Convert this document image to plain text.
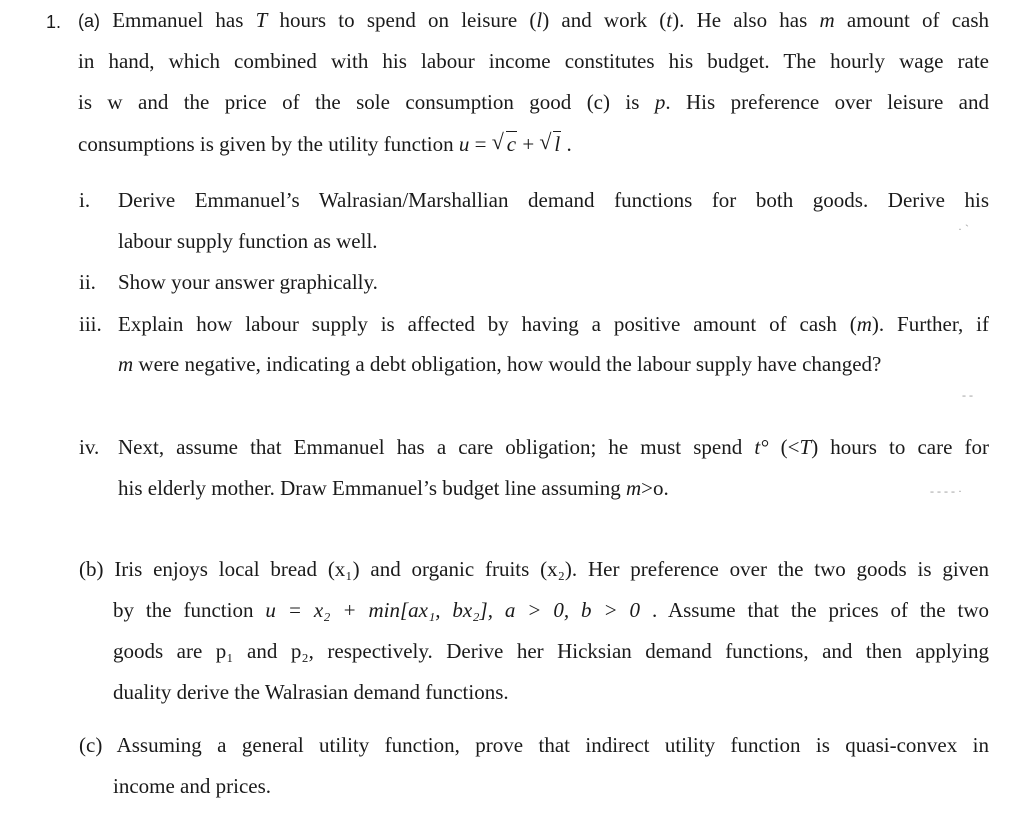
1. (a) Emmanuel has T hours to spend on leisure (l) and work (t). He also has m amount of cash
in hand, which combined with his labour income constitutes his budget. The hourly wage rate
is w and the price of the sole consumption good (c) is p. His preference over leisure and
consumptions is given by the utility function u = √ c + √ l .
i. Derive Emmanuel’s Walrasian/Marshallian demand functions for both goods. Derive his
labour supply function as well.
ii. Show your answer graphically.
iii. Explain how labour supply is affected by having a positive amount of cash (m). Further, if
m were negative, indicating a debt obligation, how would the labour supply have changed?
iv. Next, assume that Emmanuel has a care obligation; he must spend t° (<T) hours to care for
his elderly mother. Draw Emmanuel’s budget line assuming m>o.
(b) Iris enjoys local bread (x₁) and organic fruits (x₂). Her preference over the two goods is given
by the function u = x₂ + min[ax₁, bx₂], a > 0, b > 0 . Assume that the prices of the two
goods are p₁ and p₂, respectively. Derive her Hicksian demand functions, and then applying
duality derive the Walrasian demand functions.
(c) Assuming a general utility function, prove that indirect utility function is quasi-convex in
income and prices.
· ˋ
- -
- - - - ·
